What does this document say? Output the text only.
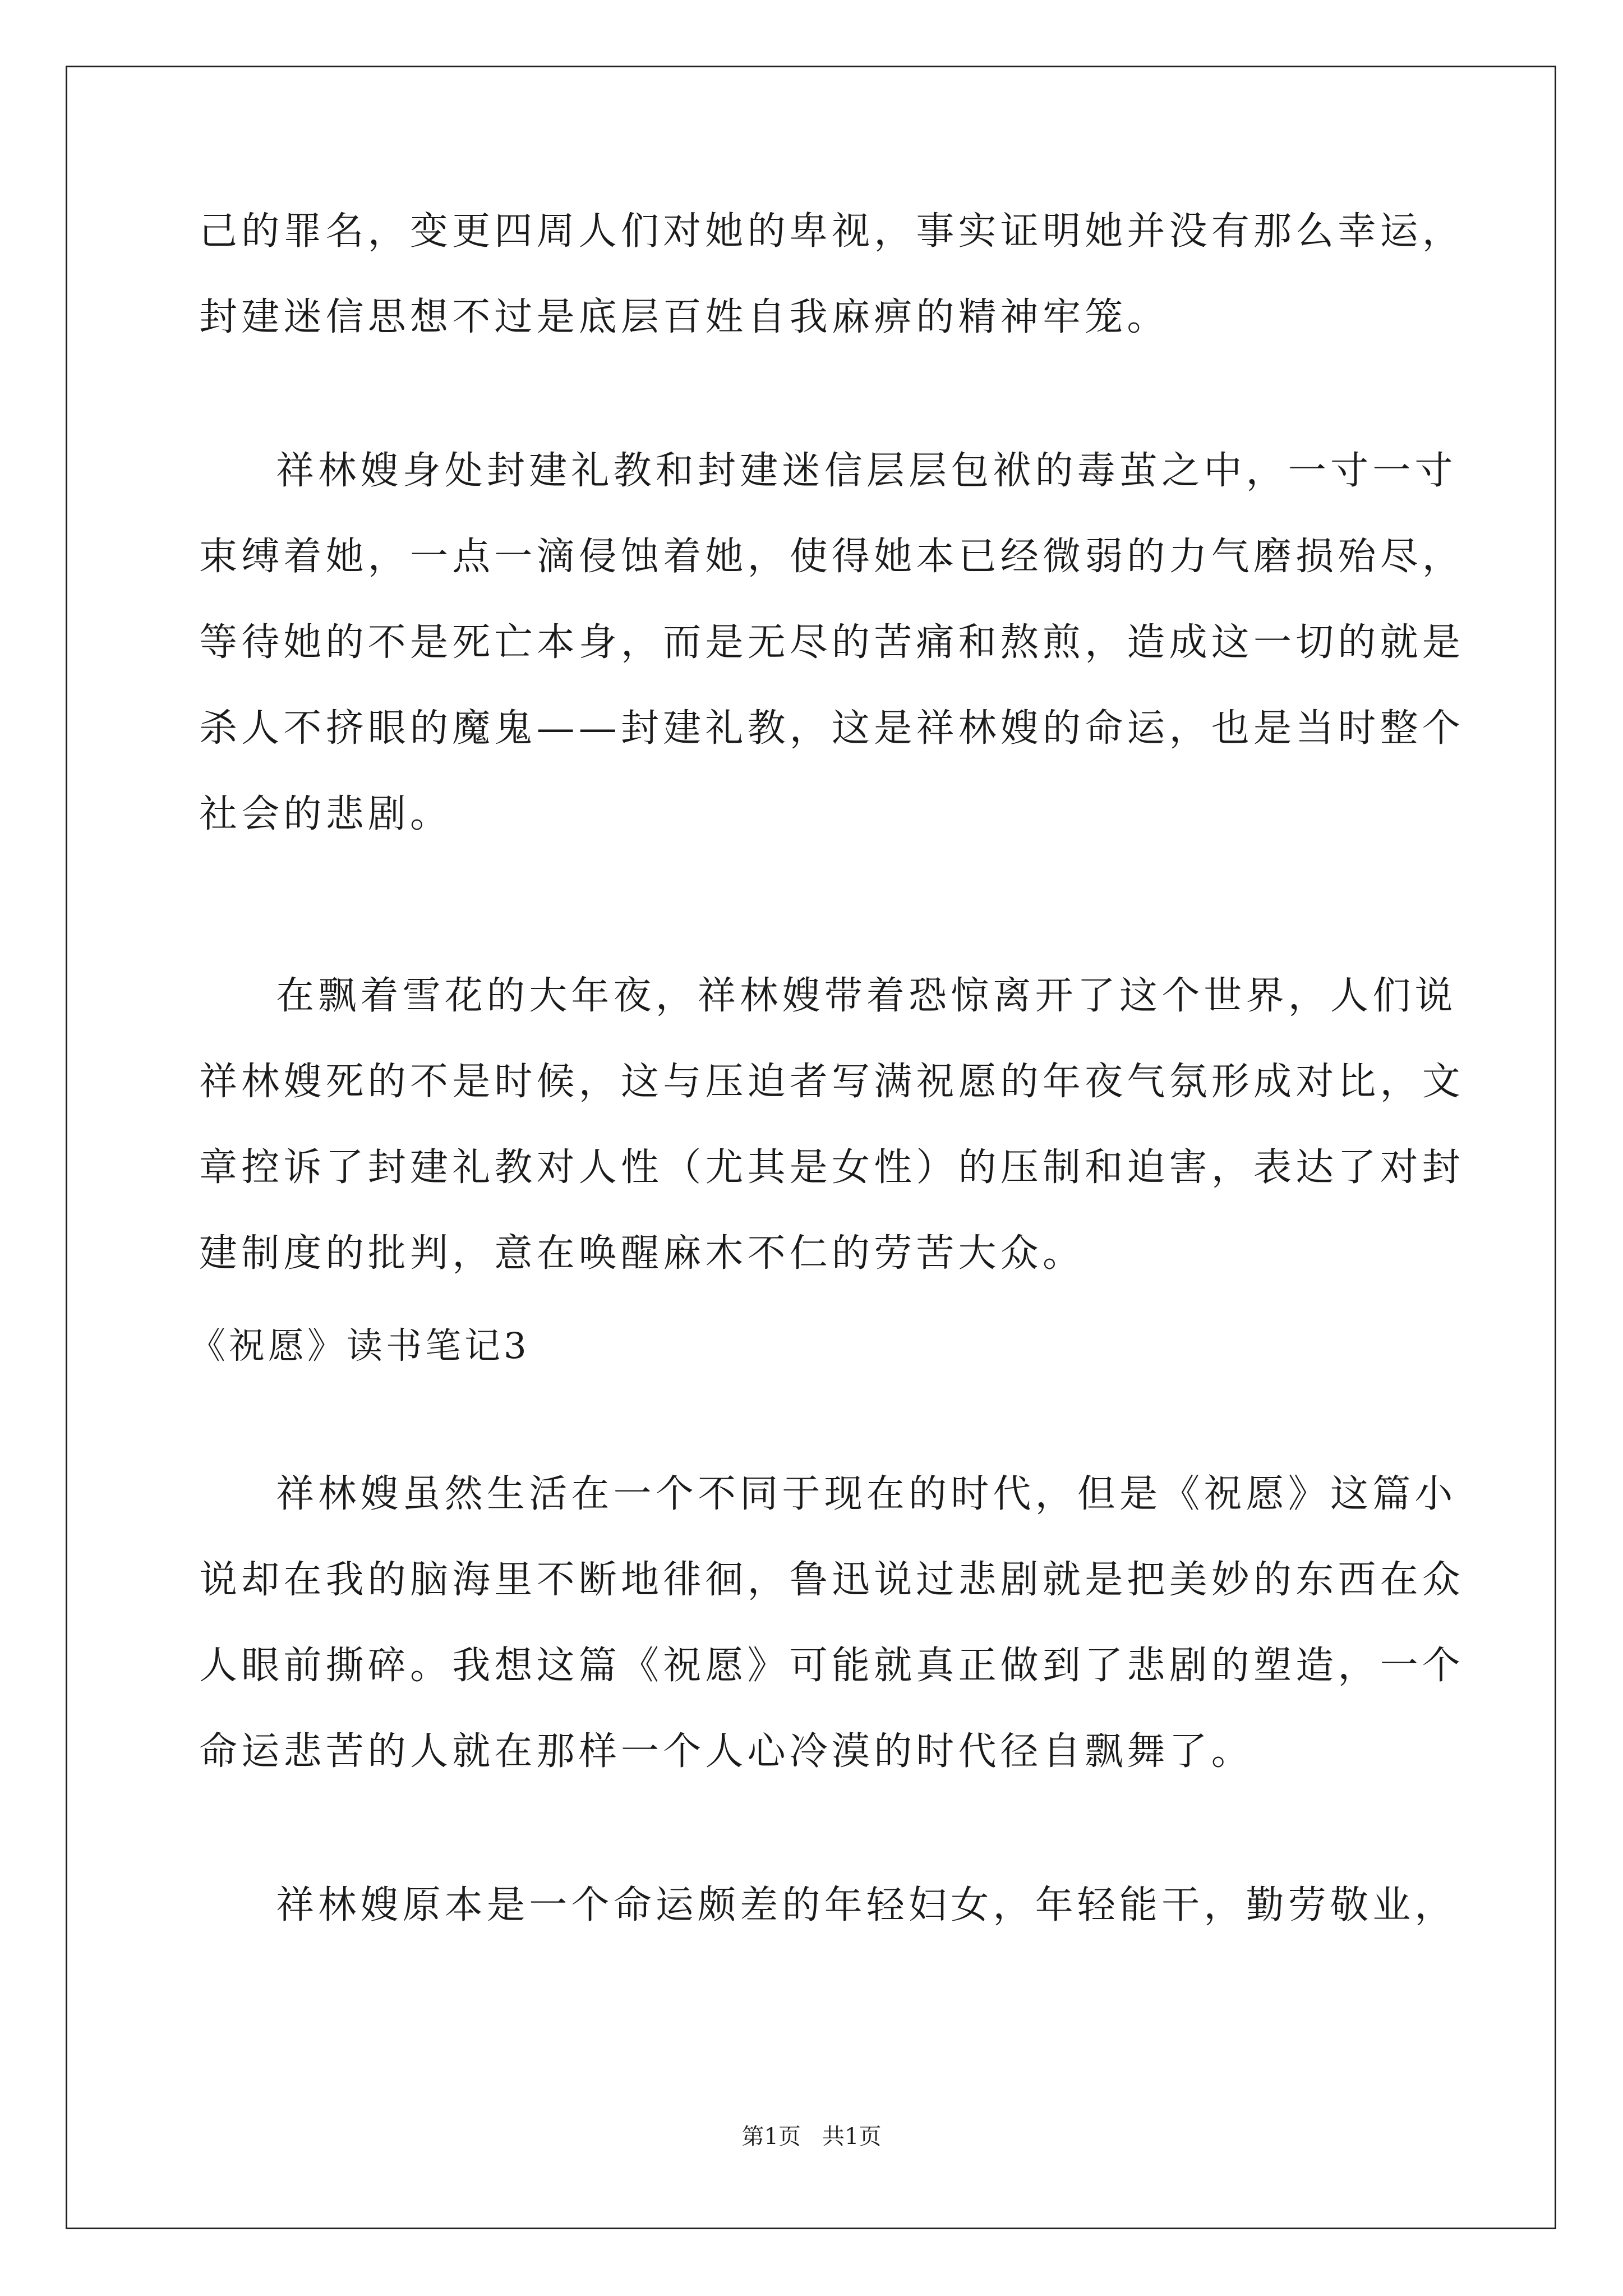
己的罪名，变更四周人们对她的卑视，事实证明她并没有那么幸运，
封建迷信思想不过是底层百姓自我麻痹的精神牢笼。
祥林嫂身处封建礼教和封建迷信层层包袱的毒茧之中，一寸一寸
束缚着她，一点一滴侵蚀着她，使得她本已经微弱的力气磨损殆尽，
等待她的不是死亡本身，而是无尽的苦痛和熬煎，造成这一切的就是
杀人不挤眼的魔鬼——封建礼教，这是祥林嫂的命运，也是当时整个
社会的悲剧。
在飘着雪花的大年夜，祥林嫂带着恐惊离开了这个世界，人们说
祥林嫂死的不是时候，这与压迫者写满祝愿的年夜气氛形成对比，文
章控诉了封建礼教对人性（尤其是女性）的压制和迫害，表达了对封
建制度的批判，意在唤醒麻木不仁的劳苦大众。
《祝愿》读书笔记3
祥林嫂虽然生活在一个不同于现在的时代，但是《祝愿》这篇小
说却在我的脑海里不断地徘徊，鲁迅说过悲剧就是把美妙的东西在众
人眼前撕碎。我想这篇《祝愿》可能就真正做到了悲剧的塑造，一个
命运悲苦的人就在那样一个人心冷漠的时代径自飘舞了。
祥林嫂原本是一个命运颇差的年轻妇女，年轻能干，勤劳敬业，
第1页   共1页
